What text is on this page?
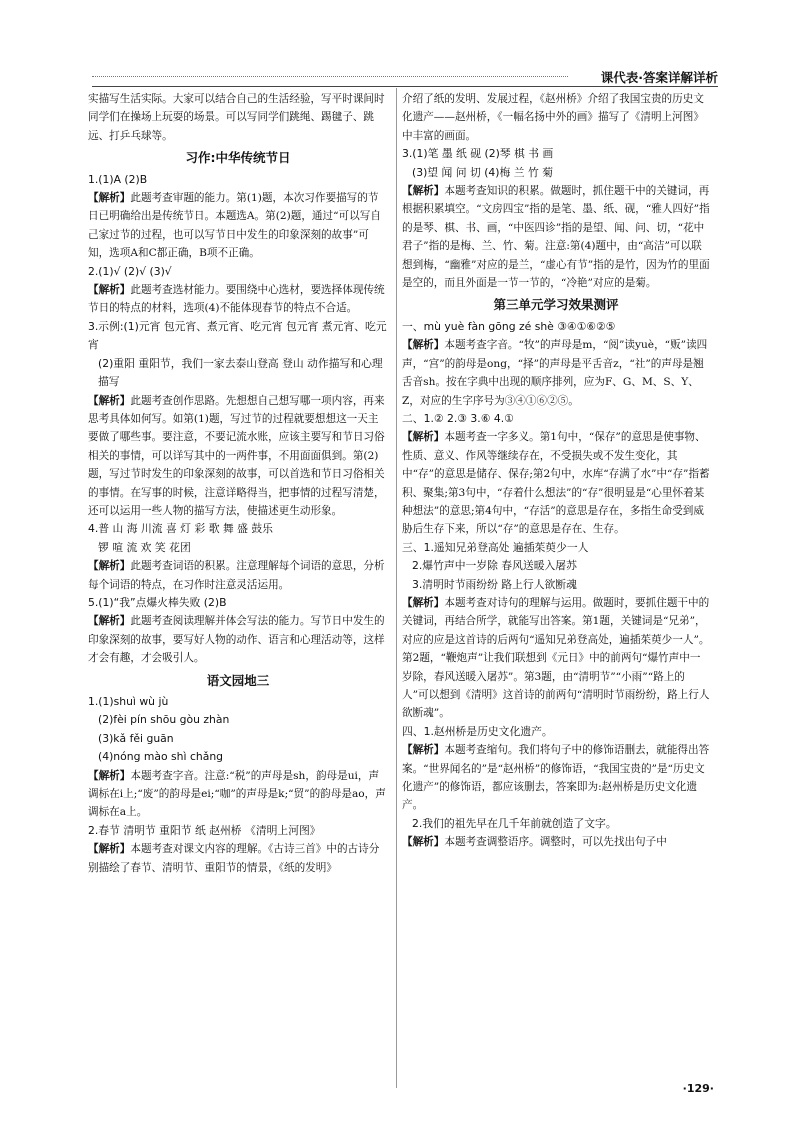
课代表·答案详解详析

实描写生活实际。大家可以结合自己的生活经验，写平时课间时同学们在操场上玩耍的场景。可以写同学们跳绳、踢毽子、跳远、打乒乓球等。

习作:中华传统节日

1.(1)A (2)B

【解析】此题考查审题的能力。第(1)题，本次习作要描写的节日已明确给出是传统节日。本题选A。第(2)题，通过“可以写自己家过节的过程，也可以写节日中发生的印象深刻的故事”可知，选项A和C都正确，B项不正确。

2.(1)√ (2)√ (3)√

【解析】此题考查选材能力。要围绕中心选材，要选择体现传统节日的特点的材料，选项(4)不能体现春节的特点不合适。

3.示例:(1)元宵 包元宵、煮元宵、吃元宵 包元宵 煮元宵、吃元宵

(2)重阳 重阳节，我们一家去泰山登高 登山 动作描写和心理描写

【解析】此题考查创作思路。先想想自己想写哪一项内容，再来思考具体如何写。如第(1)题，写过节的过程就要想想这一天主要做了哪些事。要注意，不要记流水账，应该主要写和节日习俗相关的事情，可以详写其中的一两件事，不用面面俱到。第(2)题，写过节时发生的印象深刻的故事，可以首选和节日习俗相关的事情。在写事的时候，注意详略得当，把事情的过程写清楚，还可以运用一些人物的描写方法，使描述更生动形象。

4.普 山 海 川流 喜 灯 彩 歌 舞 盛 鼓乐

锣 喧 流 欢 笑 花团

【解析】此题考查词语的积累。注意理解每个词语的意思，分析每个词语的特点，在习作时注意灵活运用。

5.(1)“我”点爆火棒失败 (2)B

【解析】此题考查阅读理解并体会写法的能力。写节日中发生的印象深刻的故事，要写好人物的动作、语言和心理活动等，这样才会有趣，才会吸引人。

语文园地三

1.(1)shuì wù jù

(2)fèi pín shōu gòu zhàn

(3)kǎ fěi guān

(4)nóng mào shì chǎng

【解析】本题考查字音。注意:“税”的声母是sh，韵母是ui，声调标在i上;“废”的韵母是ei;“咖”的声母是k;“贸”的韵母是ao，声调标在a上。

2.春节 清明节 重阳节 纸 赵州桥 《清明上河图》

【解析】本题考查对课文内容的理解。《古诗三首》中的古诗分别描绘了春节、清明节、重阳节的情景，《纸的发明》

介绍了纸的发明、发展过程，《赵州桥》介绍了我国宝贵的历史文化遗产——赵州桥，《一幅名扬中外的画》描写了《清明上河图》中丰富的画面。

3.(1)笔 墨 纸 砚 (2)琴 棋 书 画

(3)望 闻 问 切 (4)梅 兰 竹 菊

【解析】本题考查知识的积累。做题时，抓住题干中的关键词，再根据积累填空。“文房四宝”指的是笔、墨、纸、砚，“雅人四好”指的是琴、棋、书、画，“中医四诊”指的是望、闻、问、切，“花中君子”指的是梅、兰、竹、菊。注意:第(4)题中，由“高洁”可以联想到梅，“幽雅”对应的是兰，“虚心有节”指的是竹，因为竹的里面是空的，而且外面是一节一节的，“冷艳”对应的是菊。

第三单元学习效果测评

一、mù yuè fàn gōng zé shè ③④①⑥②⑤

【解析】本题考查字音。“牧”的声母是m，“阅”读yuè，“贩”读四声，“宫”的韵母是ong，“择”的声母是平舌音z，“社”的声母是翘舌音sh。按在字典中出现的顺序排列，应为F、G、M、S、Y、Z，对应的生字序号为③④①⑥②⑤。

二、1.② 2.③ 3.⑥ 4.①

【解析】本题考查一字多义。第1句中，“保存”的意思是使事物、性质、意义、作风等继续存在，不受损失或不发生变化，其中“存”的意思是储存、保存;第2句中，水库“存满了水”中“存”指蓄积、聚集;第3句中，“存着什么想法”的“存”很明显是“心里怀着某种想法”的意思;第4句中，“存活”的意思是存在，多指生命受到威胁后生存下来，所以“存”的意思是存在、生存。

三、1.遥知兄弟登高处 遍插茱萸少一人

2.爆竹声中一岁除 春风送暖入屠苏

3.清明时节雨纷纷 路上行人欲断魂

【解析】本题考查对诗句的理解与运用。做题时，要抓住题干中的关键词，再结合所学，就能写出答案。第1题，关键词是“兄弟”，对应的应是这首诗的后两句“遥知兄弟登高处，遍插茱萸少一人”。第2题，“鞭炮声”让我们联想到《元日》中的前两句“爆竹声中一岁除，春风送暖入屠苏”。第3题，由“清明节”“小雨”“路上的人”可以想到《清明》这首诗的前两句“清明时节雨纷纷，路上行人欲断魂”。

四、1.赵州桥是历史文化遗产。

【解析】本题考查缩句。我们将句子中的修饰语删去，就能得出答案。“世界闻名的”是“赵州桥”的修饰语，“我国宝贵的”是“历史文化遗产”的修饰语，都应该删去，答案即为:赵州桥是历史文化遗产。

2.我们的祖先早在几千年前就创造了文字。

【解析】本题考查调整语序。调整时，可以先找出句子中

·129·
